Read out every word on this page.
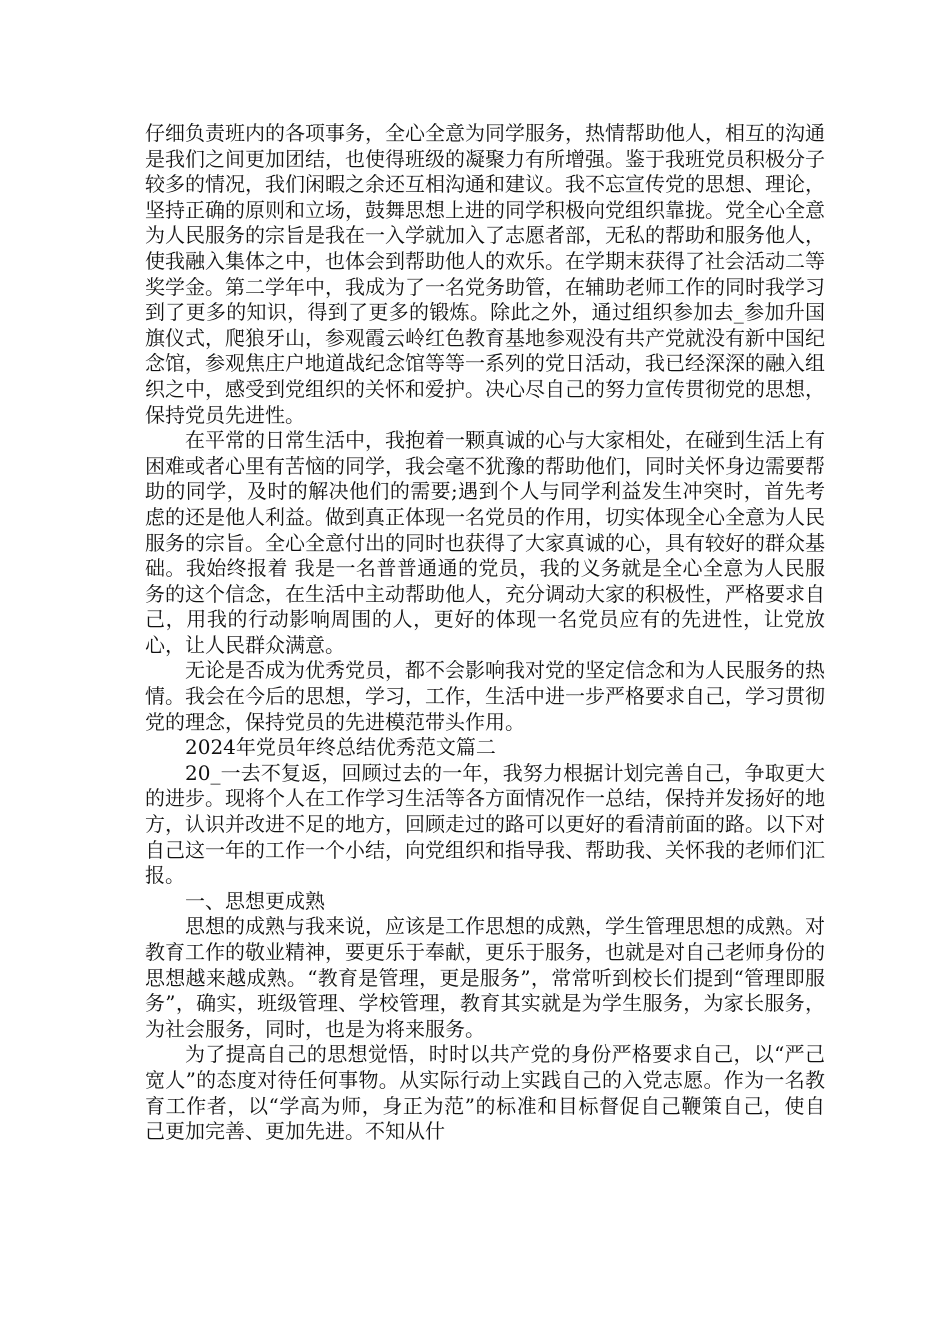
仔细负责班内的各项事务，全心全意为同学服务，热情帮助他人，相互的沟通是我们之间更加团结，也使得班级的凝聚力有所增强。鉴于我班党员积极分子较多的情况，我们闲暇之余还互相沟通和建议。我不忘宣传党的思想、理论，坚持正确的原则和立场，鼓舞思想上进的同学积极向党组织靠拢。党全心全意为人民服务的宗旨是我在一入学就加入了志愿者部，无私的帮助和服务他人，使我融入集体之中，也体会到帮助他人的欢乐。在学期末获得了社会活动二等奖学金。第二学年中，我成为了一名党务助管，在辅助老师工作的同时我学习到了更多的知识，得到了更多的锻炼。除此之外，通过组织参加去_参加升国旗仪式，爬狼牙山，参观霞云岭红色教育基地参观没有共产党就没有新中国纪念馆，参观焦庄户地道战纪念馆等等一系列的党日活动，我已经深深的融入组织之中，感受到党组织的关怀和爱护。决心尽自己的努力宣传贯彻党的思想，保持党员先进性。

在平常的日常生活中，我抱着一颗真诚的心与大家相处，在碰到生活上有困难或者心里有苦恼的同学，我会毫不犹豫的帮助他们，同时关怀身边需要帮助的同学，及时的解决他们的需要;遇到个人与同学利益发生冲突时，首先考虑的还是他人利益。做到真正体现一名党员的作用，切实体现全心全意为人民服务的宗旨。全心全意付出的同时也获得了大家真诚的心，具有较好的群众基础。我始终报着 我是一名普普通通的党员，我的义务就是全心全意为人民服务的这个信念，在生活中主动帮助他人，充分调动大家的积极性，严格要求自己，用我的行动影响周围的人，更好的体现一名党员应有的先进性，让党放心，让人民群众满意。

无论是否成为优秀党员，都不会影响我对党的坚定信念和为人民服务的热情。我会在今后的思想，学习，工作，生活中进一步严格要求自己，学习贯彻党的理念，保持党员的先进模范带头作用。

2024年党员年终总结优秀范文篇二

20_一去不复返，回顾过去的一年，我努力根据计划完善自己，争取更大的进步。现将个人在工作学习生活等各方面情况作一总结，保持并发扬好的地方，认识并改进不足的地方，回顾走过的路可以更好的看清前面的路。以下对自己这一年的工作一个小结，向党组织和指导我、帮助我、关怀我的老师们汇报。

一、思想更成熟

思想的成熟与我来说，应该是工作思想的成熟，学生管理思想的成熟。对教育工作的敬业精神，要更乐于奉献，更乐于服务，也就是对自己老师身份的思想越来越成熟。“教育是管理，更是服务”，常常听到校长们提到“管理即服务”，确实，班级管理、学校管理，教育其实就是为学生服务，为家长服务，为社会服务，同时，也是为将来服务。

为了提高自己的思想觉悟，时时以共产党的身份严格要求自己，以“严己宽人”的态度对待任何事物。从实际行动上实践自己的入党志愿。作为一名教育工作者，以“学高为师，身正为范”的标准和目标督促自己鞭策自己，使自己更加完善、更加先进。不知从什
